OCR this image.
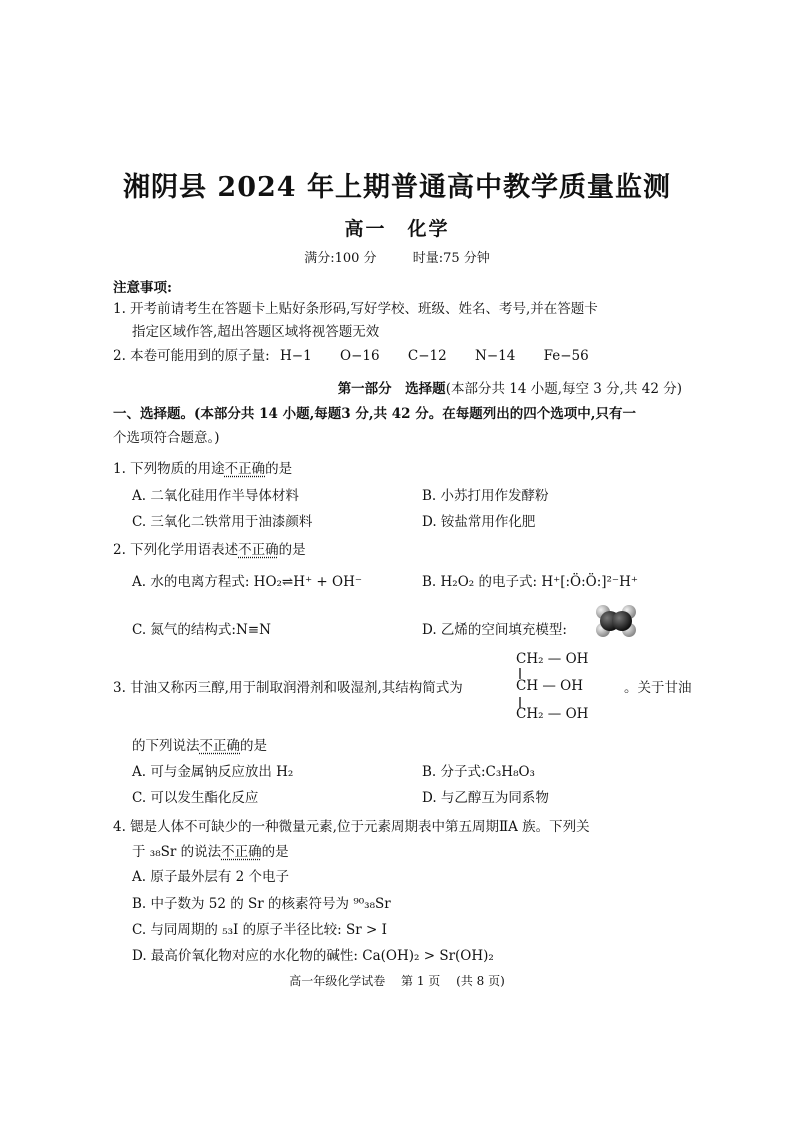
湘阴县 2024 年上期普通高中教学质量监测
高一　化学
满分:100 分	时量:75 分钟
注意事项:
1. 开考前请考生在答题卡上贴好条形码,写好学校、班级、姓名、考号,并在答题卡
指定区域作答,超出答题区域将视答题无效
2. 本卷可能用到的原子量: H−1 O−16 C−12 N−14 Fe−56
第一部分　选择题(本部分共 14 小题,每空 3 分,共 42 分)
一、选择题。(本部分共 14 小题,每题3 分,共 42 分。在每题列出的四个选项中,只有一
个选项符合题意。)
1. 下列物质的用途不正确的是
A. 二氧化硅用作半导体材料	B. 小苏打用作发酵粉
C. 三氧化二铁常用于油漆颜料	D. 铵盐常用作化肥
2. 下列化学用语表述不正确的是
A. 水的电离方程式: HO₂⇌H⁺ + OH⁻	B. H₂O₂ 的电子式: H⁺[:Ö:Ö:]²⁻H⁺
C. 氮气的结构式:N≡N	D. 乙烯的空间填充模型:
3. 甘油又称丙三醇,用于制取润滑剂和吸湿剂,其结构简式为	。关于甘油
CH₂ — OH
CH — OH
CH₂ — OH
的下列说法不正确的是
A. 可与金属钠反应放出 H₂	B. 分子式:C₃H₈O₃
C. 可以发生酯化反应	D. 与乙醇互为同系物
4. 锶是人体不可缺少的一种微量元素,位于元素周期表中第五周期ⅡA 族。下列关
于 ₃₈Sr 的说法不正确的是
A. 原子最外层有 2 个电子
B. 中子数为 52 的 Sr 的核素符号为 ⁹⁰₃₈Sr
C. 与同周期的 ₅₃I 的原子半径比较: Sr > I
D. 最高价氧化物对应的水化物的碱性: Ca(OH)₂ > Sr(OH)₂
高一年级化学试卷 第 1 页 (共 8 页)
